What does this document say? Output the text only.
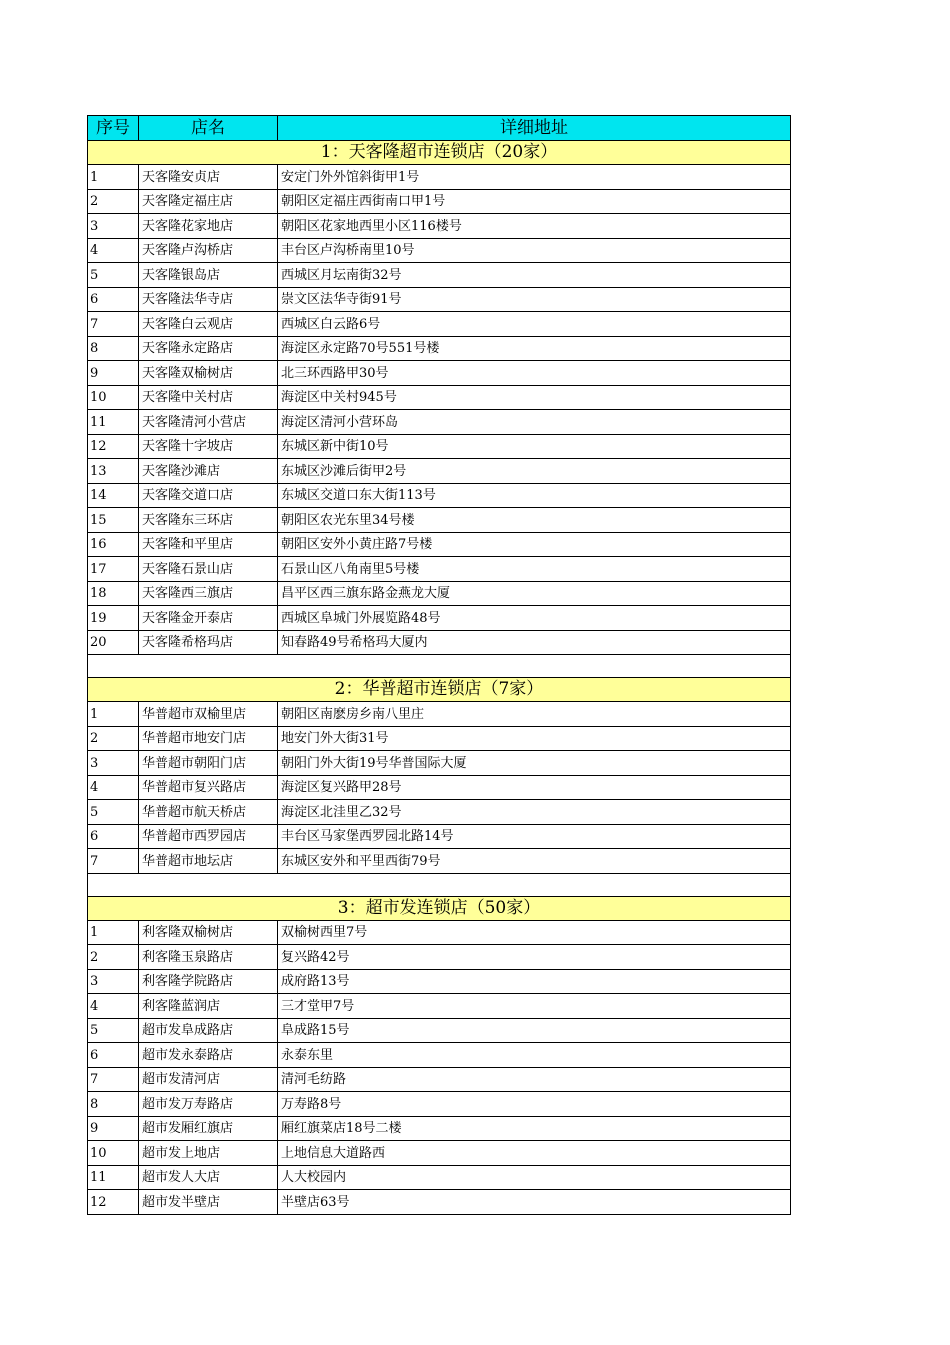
序号	店名	详细地址
1：天客隆超市连锁店（20家）		
1	天客隆安贞店	安定门外外馆斜街甲1号
2	天客隆定福庄店	朝阳区定福庄西街南口甲1号
3	天客隆花家地店	朝阳区花家地西里小区116楼号
4	天客隆卢沟桥店	丰台区卢沟桥南里10号
5	天客隆银岛店	西城区月坛南街32号
6	天客隆法华寺店	崇文区法华寺街91号
7	天客隆白云观店	西城区白云路6号
8	天客隆永定路店	海淀区永定路70号551号楼
9	天客隆双榆树店	北三环西路甲30号
10	天客隆中关村店	海淀区中关村945号
11	天客隆清河小营店	海淀区清河小营环岛
12	天客隆十字坡店	东城区新中街10号
13	天客隆沙滩店	东城区沙滩后街甲2号
14	天客隆交道口店	东城区交道口东大街113号
15	天客隆东三环店	朝阳区农光东里34号楼
16	天客隆和平里店	朝阳区安外小黄庄路7号楼
17	天客隆石景山店	石景山区八角南里5号楼
18	天客隆西三旗店	昌平区西三旗东路金燕龙大厦
19	天客隆金开泰店	西城区阜城门外展览路48号
20	天客隆希格玛店	知春路49号希格玛大厦内

2：华普超市连锁店（7家）		
1	华普超市双榆里店	朝阳区南麽房乡南八里庄
2	华普超市地安门店	地安门外大街31号
3	华普超市朝阳门店	朝阳门外大街19号华普国际大厦
4	华普超市复兴路店	海淀区复兴路甲28号
5	华普超市航天桥店	海淀区北洼里乙32号
6	华普超市西罗园店	丰台区马家堡西罗园北路14号
7	华普超市地坛店	东城区安外和平里西街79号

3：超市发连锁店（50家）		
1	利客隆双榆树店	双榆树西里7号
2	利客隆玉泉路店	复兴路42号
3	利客隆学院路店	成府路13号
4	利客隆蓝润店	三才堂甲7号
5	超市发阜成路店	阜成路15号
6	超市发永泰路店	永泰东里
7	超市发清河店	清河毛纺路
8	超市发万寿路店	万寿路8号
9	超市发厢红旗店	厢红旗菜店18号二楼
10	超市发上地店	上地信息大道路西
11	超市发人大店	人大校园内
12	超市发半壁店	半壁店63号
